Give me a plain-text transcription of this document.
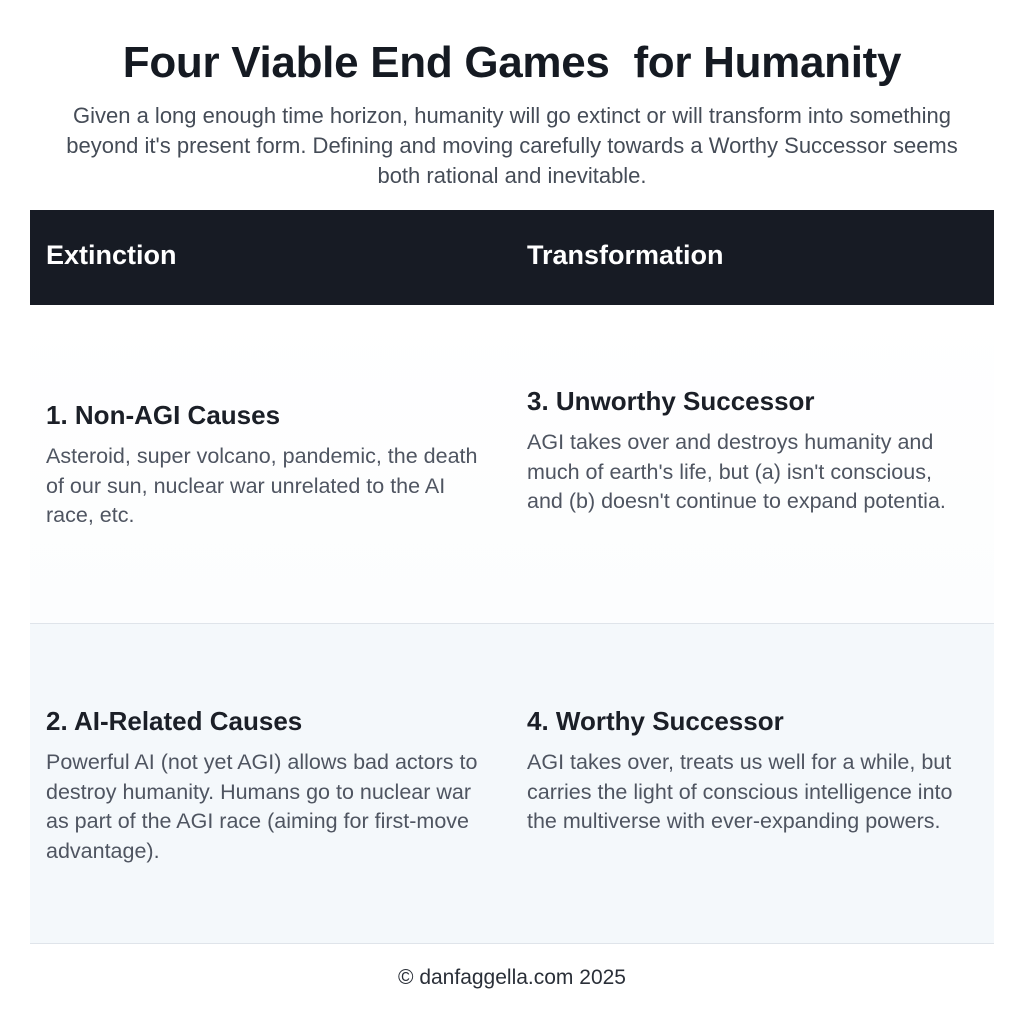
Four Viable End Games  for Humanity
Given a long enough time horizon, humanity will go extinct or will transform into something beyond it's present form. Defining and moving carefully towards a Worthy Successor seems both rational and inevitable.
Extinction	Transformation

1. Non-AGI Causes

Asteroid, super volcano, pandemic, the death of our sun, nuclear war unrelated to the AI race, etc.

3. Unworthy Successor

AGI takes over and destroys humanity and much of earth's life, but (a) isn't conscious, and (b) doesn't continue to expand potentia.

2. AI-Related Causes

Powerful AI (not yet AGI) allows bad actors to destroy humanity. Humans go to nuclear war as part of the AGI race (aiming for first-move advantage).

4. Worthy Successor

AGI takes over, treats us well for a while, but carries the light of conscious intelligence into the multiverse with ever-expanding powers.

© danfaggella.com 2025
